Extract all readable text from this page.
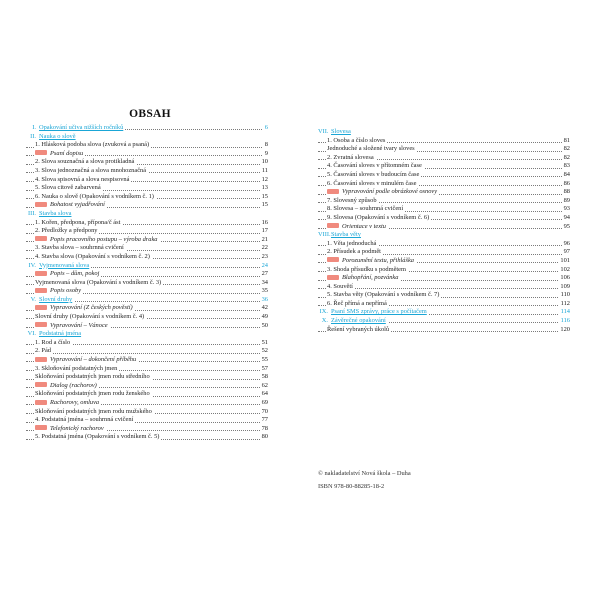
OBSAH
I. Opakování učiva nižších ročníků	6
II. Nauka o slově
1. Hlásková podoba slova (zvuková a psaná)	8
Psaní dopisu	9
2. Slova souznačná a slova protikladná	10
3. Slova jednoznačná a slova mnohoznačná	11
4. Slova spisovná a slova nespisovná	12
5. Slova citově zabarvená	13
6. Nauka o slově (Opakování s vodníkem č. 1)	15
Bohatost vyjadřování	15
III. Stavba slova
1. Kořen, předpona, přípona/č ást	16
2. Předložky a předpony	17
Popis pracovního postupu – výroba draka	21
3. Stavba slova – souhrnná cvičení	22
4. Stavba slova (Opakování s vodníkem č. 2)	23
IV. Vyjmenovaná slova	24
Popis – dům, pokoj	27
Vyjmenovaná slova (Opakování s vodníkem č. 3)	34
Popis osoby	35
V. Slovní druhy	36
Vypravování (Z českých pověstí)	42
Slovní druhy (Opakování s vodníkem č. 4)	49
Vypravování – Vánoce	50
VI. Podstatná jména
1. Rod a číslo	51
2. Pád	52
Vypravování – dokončení příběhu	55
3. Skloňování podstatných jmen	57
Skloňování podstatných jmen rodu středního	58
Dialog (rachorov)	62
Skloňování podstatných jmen rodu ženského	64
Rachorovy, omluva	69
Skloňování podstatných jmen rodu mužského	70
4. Podstatná jména – souhrnná cvičení	77
Telefonický rachorov	78
5. Podstatná jména (Opakování s vodníkem č. 5)	80
VII. Slovesa
1. Osoba a číslo sloves	81
Jednoduché a složené tvary sloves	82
2. Zvratná slovesa	82
4. Časování sloves v přítomném čase	83
5. Časování sloves v budoucím čase	84
6. Časování sloves v minulém čase	86
Vypravování podle obrázkové osnovy	88
7. Slovesný způsob	89
8. Slovesa – souhrnná cvičení	93
9. Slovesa (Opakování s vodníkem č. 6)	94
Orientace v textu	95
VIII.Stavba věty
1. Věta jednoduchá	96
2. Přísudek a podmět	97
Porozumění textu, přihláška	101
3. Shoda přísudku s podmětem	102
Blahopřání, pozvánka	106
4. Souvětí	109
5. Stavba věty (Opakování s vodníkem č. 7)	110
6. Řeč přímá a nepřímá	112
IX. Psaní SMS zprávy, práce s počítačem	114
X. Závěrečné opakování	116
Řešení vybraných úkolů	120
© nakladatelství Nová škola – Duha
ISBN 978-80-88285-18-2
